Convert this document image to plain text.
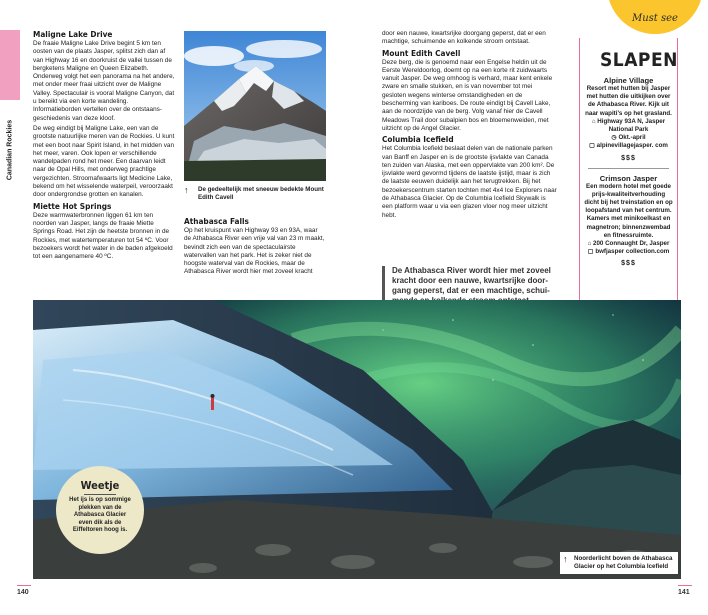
Canadian Rockies
Maligne Lake Drive

De fraaie Maligne Lake Drive begint 5 km ten oosten van de plaats Jasper, splitst zich dan af van Highway 16 en doorkruist de vallei tussen de bergketens Maligne en Queen Elizabeth. Onderweg volgt het een panorama na het andere, met onder meer fraai uitzicht over de Maligne Valley. Spectaculair is vooral Maligne Canyon, dat u bereikt via een korte wandeling. Informatieborden vertellen over de ontstaansgeschiedenis van deze kloof.

De weg eindigt bij Maligne Lake, een van de grootste natuurlijke meren van de Rockies. U kunt met een boot naar Spirit Island, in het midden van het meer, varen. Ook lopen er verschillende wandelpaden rond het meer. Een daarvan leidt naar de Opal Hills, met onderweg prachtige vergezichten. Stroomafwaarts ligt Medicine Lake, bekend om het wisselende waterpeil, veroorzaakt door ondergrondse grotten en kanalen.

Miette Hot Springs

Deze warmwaterbronnen liggen 61 km ten noorden van Jasper, langs de fraaie Miette Springs Road. Het zijn de heetste bronnen in de Rockies, met watertemperaturen tot 54 ºC. Voor bezoekers wordt het water in de baden afgekoeld tot een aangenamere 40 ºC.

↑ De gedeeltelijk met sneeuw bedekte Mount Edith Cavell
Athabasca Falls

Op het kruispunt van Highway 93 en 93A, waar de Athabasca River een vrije val van 23 m maakt, bevindt zich een van de spectaculairste watervallen van het park. Het is zeker niet de hoogste waterval van de Rockies, maar de Athabasca River wordt hier met zoveel kracht

door een nauwe, kwartsrijke doorgang geperst, dat er een machtige, schuimende en kolkende stroom ontstaat.

Mount Edith Cavell

Deze berg, die is genoemd naar een Engelse heldin uit de Eerste Wereldoorlog, doemt op na een korte rit zuidwaarts vanuit Jasper. De weg omhoog is verhard, maar kent enkele zware en smalle stukken, en is van november tot mei gesloten wegens winterse omstandigheden en de bescherming van kariboes. De route eindigt bij Cavell Lake, aan de noordzijde van de berg. Volg vanaf hier de Cavell Meadows Trail door subalpien bos en bloemenweiden, met uitzicht op de Angel Glacier.

Columbia Icefield

Het Columbia Icefield beslaat delen van de nationale parken van Banff en Jasper en is de grootste ijsvlakte van Canada ten zuiden van Alaska, met een oppervlakte van 200 km². De ijsvlakte werd gevormd tijdens de laatste ijstijd, maar is zich de laatste eeuwen duidelijk aan het terugtrekken. Bij het bezoekerscentrum starten tochten met 4x4 Ice Explorers naar de Athabasca Glacier. Op de Columbia Icefield Skywalk is een platform waar u via een glazen vloer nog meer uitzicht hebt.

De Athabasca River wordt hier met zoveel kracht door een nauwe, kwartsrijke doorgang geperst, dat er een machtige, schui
Must see
SLAPEN
Alpine Village
Resort met hutten bij Jasper met hutten die uitkijken over de Athabasca River. Kijk uit naar wapiti's op het grasland.
⌂ Highway 93A N, Jasper National Park
◷ Okt.-april
▢ alpinevillagejasper. com
$$$
Crimson Jasper
Een modern hotel met goede prijs-kwaliteitverhouding dicht bij het treinstation en op loopafstand van het centrum. Kamers met minikoelkast en magnetron; binnenzwembad en fitnessruimte.
⌂ 200 Connaught Dr, Jasper
▢ bwfjasper collection.com
$$$
Weetje
Het ijs is op sommige plekken van de Athabasca Glacier even dik als de Eiffeltoren hoog is.
↑ Noorderlicht boven de Athabasca Glacier op het Columbia Icefield
140	141
